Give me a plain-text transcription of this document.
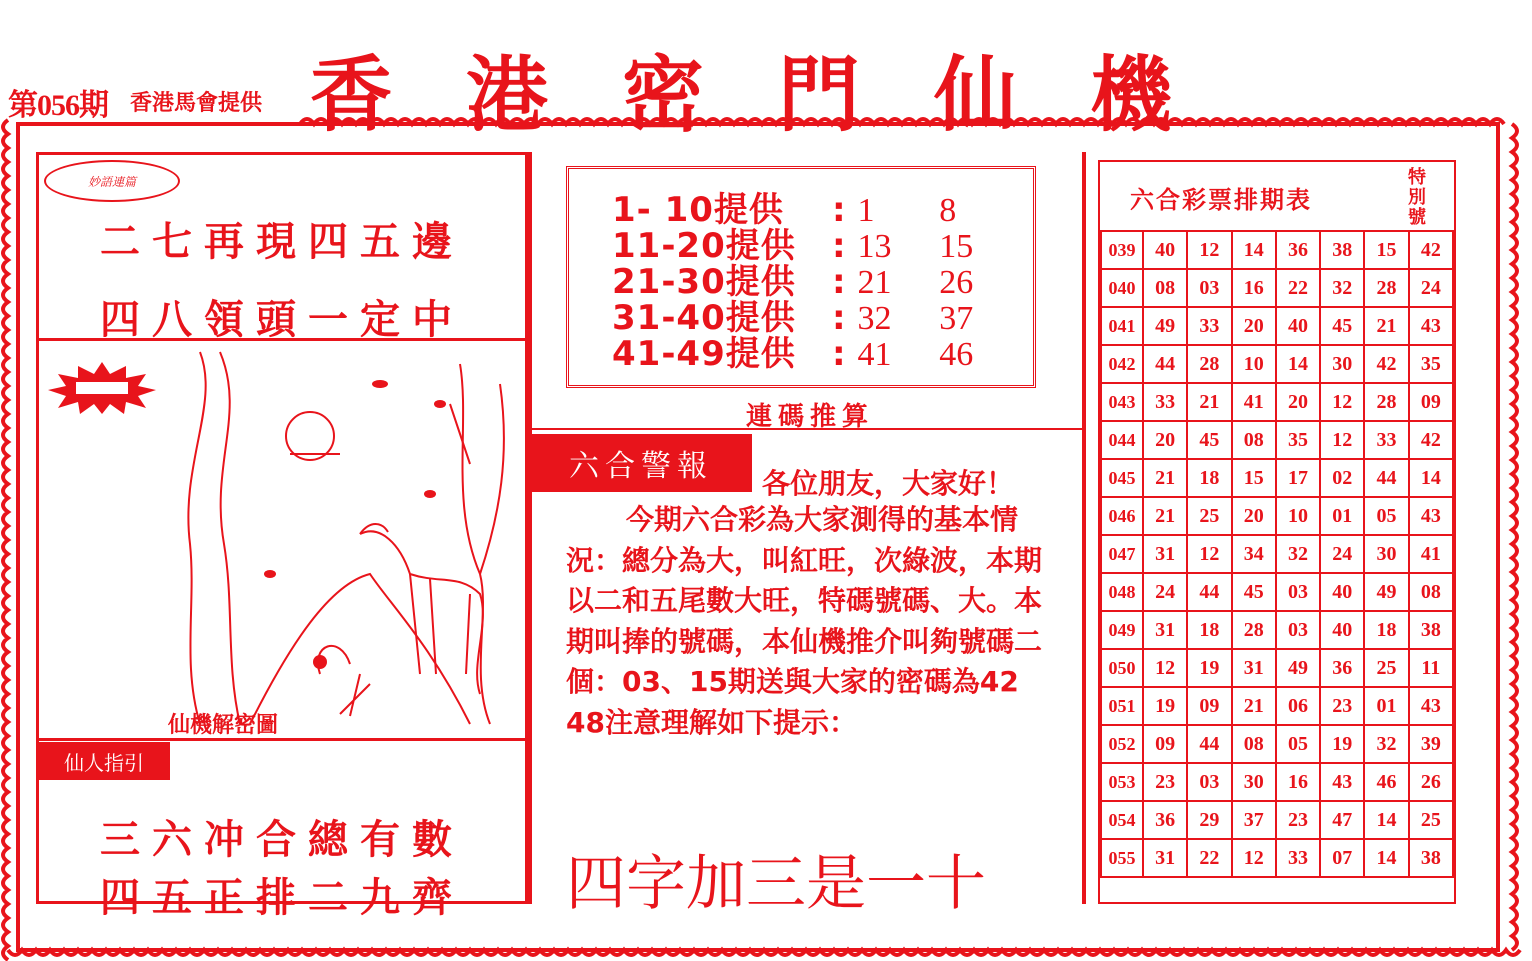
第056期 香港馬會提供 香港密門仙機
妙語連篇
二七再現四五邊
四八領頭一定中
仙機解密圖
仙人指引
三六冲合總有數
四五正排二九齊
1- 10提供 : 1 8
11-20提供 : 13 15
21-30提供 : 21 26
31-40提供 : 32 37
41-49提供 : 41 46
連碼推算
六合警報	各位朋友，大家好！
今期六合彩為大家測得的基本情況：總分為大，叫紅旺，次綠波，本期以二和五尾數大旺，特碼號碼、大。本期叫捧的號碼，本仙機推介叫夠號碼二個：03、15期送與大家的密碼為42 48注意理解如下提示：
四字加三是一十
六合彩票排期表
特別號
039	40	12	14	36	38	15	42
040	08	03	16	22	32	28	24
041	49	33	20	40	45	21	43
042	44	28	10	14	30	42	35
043	33	21	41	20	12	28	09
044	20	45	08	35	12	33	42
045	21	18	15	17	02	44	14
046	21	25	20	10	01	05	43
047	31	12	34	32	24	30	41
048	24	44	45	03	40	49	08
049	31	18	28	03	40	18	38
050	12	19	31	49	36	25	11
051	19	09	21	06	23	01	43
052	09	44	08	05	19	32	39
053	23	03	30	16	43	46	26
054	36	29	37	23	47	14	25
055	31	22	12	33	07	14	38
